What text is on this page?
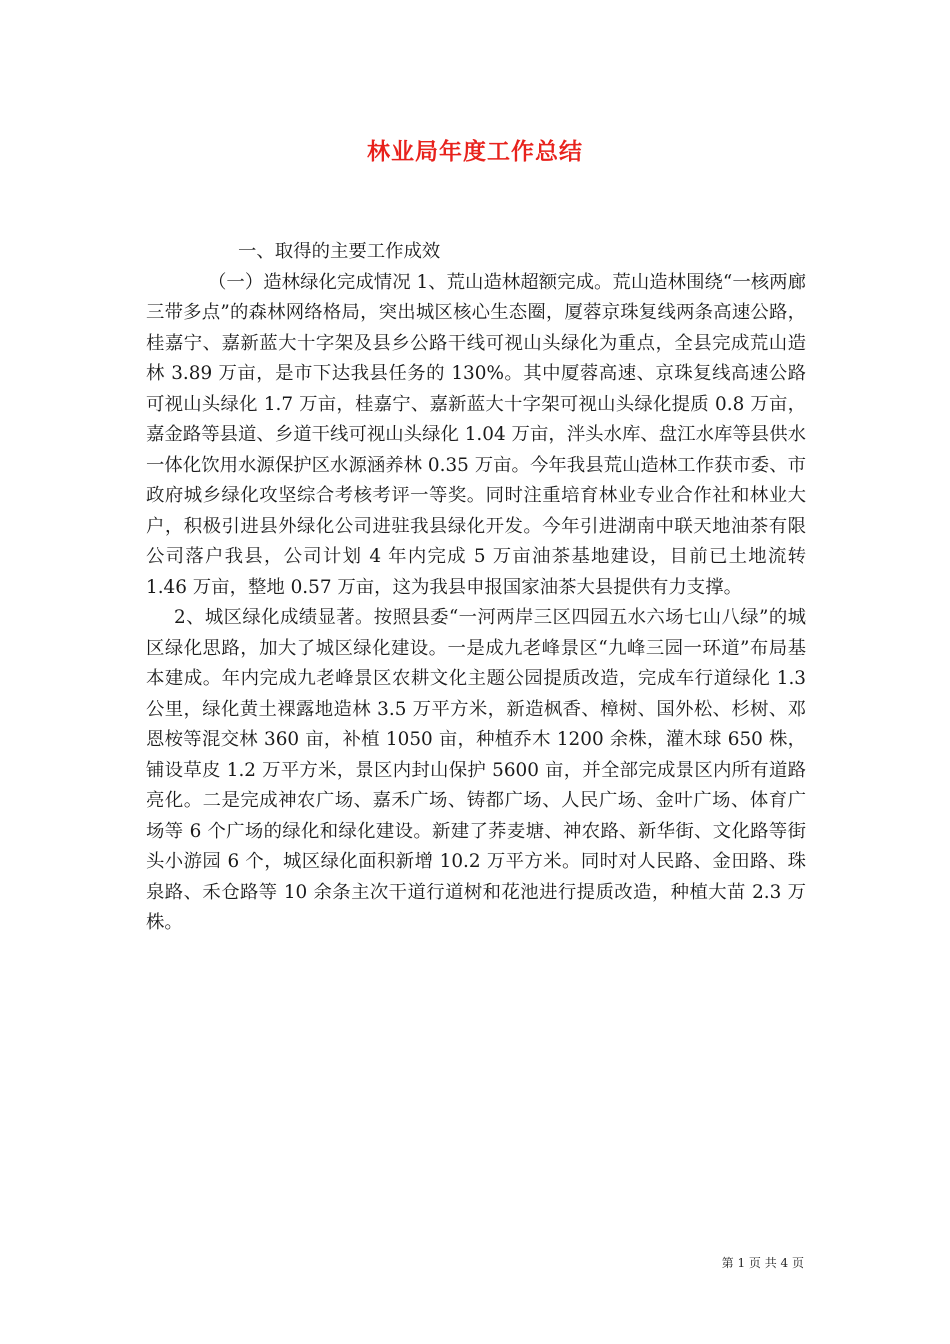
林业局年度工作总结

一、取得的主要工作成效

（一）造林绿化完成情况 1、荒山造林超额完成。荒山造林围绕“一核两廊三带多点”的森林网络格局，突出城区核心生态圈，厦蓉京珠复线两条高速公路，桂嘉宁、嘉新蓝大十字架及县乡公路干线可视山头绿化为重点，全县完成荒山造林 3.89 万亩，是市下达我县任务的 130%。其中厦蓉高速、京珠复线高速公路可视山头绿化 1.7 万亩，桂嘉宁、嘉新蓝大十字架可视山头绿化提质 0.8 万亩，嘉金路等县道、乡道干线可视山头绿化 1.04 万亩，泮头水库、盘江水库等县供水一体化饮用水源保护区水源涵养林 0.35 万亩。今年我县荒山造林工作获市委、市政府城乡绿化攻坚综合考核考评一等奖。同时注重培育林业专业合作社和林业大户，积极引进县外绿化公司进驻我县绿化开发。今年引进湖南中联天地油茶有限公司落户我县，公司计划 4 年内完成 5 万亩油茶基地建设，目前已土地流转 1.46 万亩，整地 0.57 万亩，这为我县申报国家油茶大县提供有力支撑。

2、城区绿化成绩显著。按照县委“一河两岸三区四园五水六场七山八绿”的城区绿化思路，加大了城区绿化建设。一是成九老峰景区“九峰三园一环道”布局基本建成。年内完成九老峰景区农耕文化主题公园提质改造，完成车行道绿化 1.3 公里，绿化黄土裸露地造林 3.5 万平方米，新造枫香、樟树、国外松、杉树、邓恩桉等混交林 360 亩，补植 1050 亩，种植乔木 1200 余株，灌木球 650 株，铺设草皮 1.2 万平方米，景区内封山保护 5600 亩，并全部完成景区内所有道路亮化。二是完成神农广场、嘉禾广场、铸都广场、人民广场、金叶广场、体育广场等 6 个广场的绿化和绿化建设。新建了荞麦塘、神农路、新华街、文化路等街头小游园 6 个，城区绿化面积新增 10.2 万平方米。同时对人民路、金田路、珠泉路、禾仓路等 10 余条主次干道行道树和花池进行提质改造，种植大苗 2.3 万株。

第 1 页 共 4 页
